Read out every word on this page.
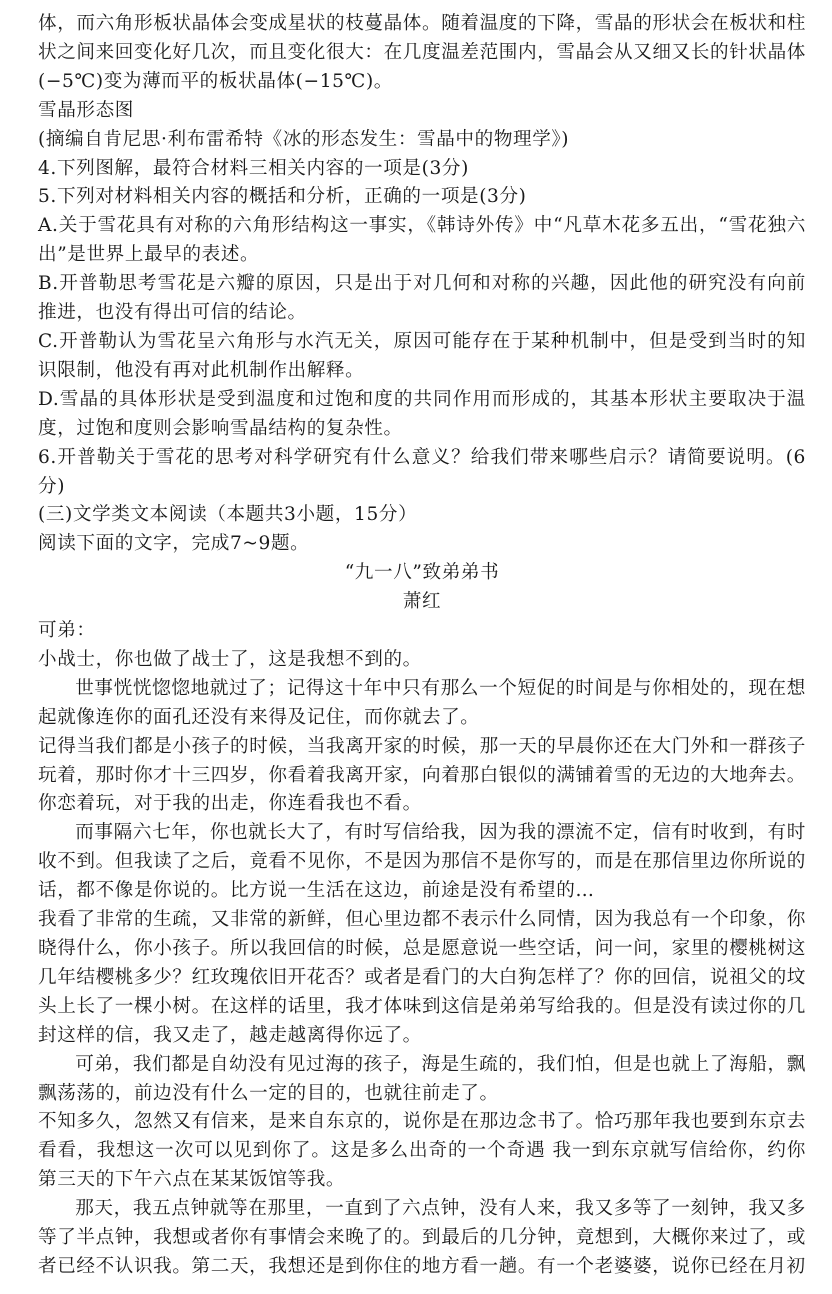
体，而六角形板状晶体会变成星状的枝蔓晶体。随着温度的下降，雪晶的形状会在板状和柱状之间来回变化好几次，而且变化很大：在几度温差范围内，雪晶会从又细又长的针状晶体(−5℃)变为薄而平的板状晶体(−15℃)。

雪晶形态图

(摘编自肯尼思·利布雷希特《冰的形态发生：雪晶中的物理学》)

4.下列图解，最符合材料三相关内容的一项是(3分)

5.下列对材料相关内容的概括和分析，正确的一项是(3分)

A.关于雪花具有对称的六角形结构这一事实，《韩诗外传》中“凡草木花多五出，“雪花独六出”是世界上最早的表述。

B.开普勒思考雪花是六瓣的原因，只是出于对几何和对称的兴趣，因此他的研究没有向前推进，也没有得出可信的结论。

C.开普勒认为雪花呈六角形与水汽无关，原因可能存在于某种机制中，但是受到当时的知识限制，他没有再对此机制作出解释。

D.雪晶的具体形状是受到温度和过饱和度的共同作用而形成的，其基本形状主要取决于温度，过饱和度则会影响雪晶结构的复杂性。

6.开普勒关于雪花的思考对科学研究有什么意义？给我们带来哪些启示？请简要说明。(6分)

(三)文学类文本阅读（本题共3小题，15分）

阅读下面的文字，完成7~9题。

“九一八”致弟弟书

萧红

可弟：

小战士，你也做了战士了，这是我想不到的。

世事恍恍惚惚地就过了；记得这十年中只有那么一个短促的时间是与你相处的，现在想起就像连你的面孔还没有来得及记住，而你就去了。

记得当我们都是小孩子的时候，当我离开家的时候，那一天的早晨你还在大门外和一群孩子玩着，那时你才十三四岁，你看着我离开家，向着那白银似的满铺着雪的无边的大地奔去。你恋着玩，对于我的出走，你连看我也不看。

而事隔六七年，你也就长大了，有时写信给我，因为我的漂流不定，信有时收到，有时收不到。但我读了之后，竟看不见你，不是因为那信不是你写的，而是在那信里边你所说的话，都不像是你说的。比方说一生活在这边，前途是没有希望的…

我看了非常的生疏，又非常的新鲜，但心里边都不表示什么同情，因为我总有一个印象，你晓得什么，你小孩子。所以我回信的时候，总是愿意说一些空话，问一问，家里的樱桃树这几年结樱桃多少？红玫瑰依旧开花否？或者是看门的大白狗怎样了？你的回信，说祖父的坟头上长了一棵小树。在这样的话里，我才体味到这信是弟弟写给我的。但是没有读过你的几封这样的信，我又走了，越走越离得你远了。

可弟，我们都是自幼没有见过海的孩子，海是生疏的，我们怕，但是也就上了海船，飘飘荡荡的，前边没有什么一定的目的，也就往前走了。

不知多久，忽然又有信来，是来自东京的，说你是在那边念书了。恰巧那年我也要到东京去看看，我想这一次可以见到你了。这是多么出奇的一个奇遇 我一到东京就写信给你，约你第三天的下午六点在某某饭馆等我。

那天，我五点钟就等在那里，一直到了六点钟，没有人来，我又多等了一刻钟，我又多等了半点钟，我想或者你有事情会来晚了的。到最后的几分钟，竟想到，大概你来过了，或者已经不认识我。第二天，我想还是到你住的地方看一趟。有一个老婆婆，说你已经在月初
